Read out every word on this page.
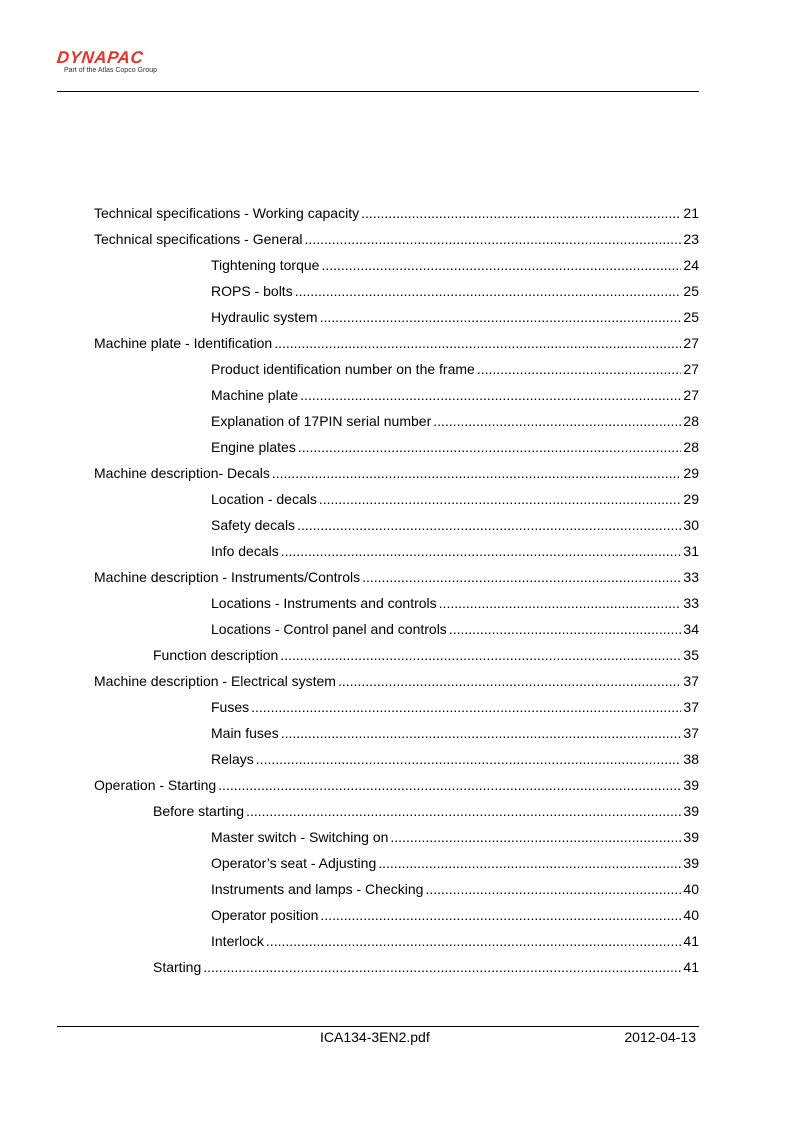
DYNAPAC
Part of the Atlas Copco Group
Technical specifications - Working capacity .....	21
Technical specifications - General .....	23
Tightening torque .....	24
ROPS - bolts .....	25
Hydraulic system .....	25
Machine plate - Identification .....	27
Product identification number on the frame .....	27
Machine plate .....	27
Explanation of 17PIN serial number .....	28
Engine plates .....	28
Machine description- Decals .....	29
Location - decals .....	29
Safety decals .....	30
Info decals .....	31
Machine description - Instruments/Controls .....	33
Locations - Instruments and controls .....	33
Locations - Control panel and controls .....	34
Function description .....	35
Machine description - Electrical system .....	37
Fuses .....	37
Main fuses .....	37
Relays .....	38
Operation - Starting .....	39
Before starting .....	39
Master switch - Switching on .....	39
Operator’s seat - Adjusting .....	39
Instruments and lamps - Checking .....	40
Operator position .....	40
Interlock .....	41
Starting .....	41
ICA134-3EN2.pdf	2012-04-13
